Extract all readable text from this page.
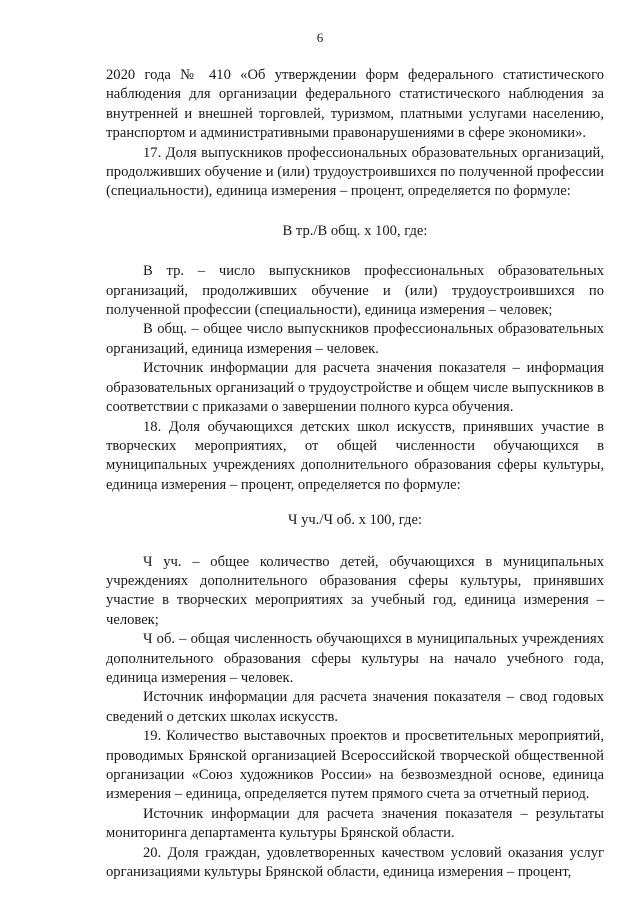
6

2020 года № 410 «Об утверждении форм федерального статистического наблюдения для организации федерального статистического наблюдения за внутренней и внешней торговлей, туризмом, платными услугами населению, транспортом и административными правонарушениями в сфере экономики».

17. Доля выпускников профессиональных образовательных организаций, продолживших обучение и (или) трудоустроившихся по полученной профессии (специальности), единица измерения – процент, определяется по формуле:

В тр./В общ. х 100, где:

В тр. – число выпускников профессиональных образовательных организаций, продолживших обучение и (или) трудоустроившихся по полученной профессии (специальности), единица измерения – человек;

В общ. – общее число выпускников профессиональных образовательных организаций, единица измерения – человек.

Источник информации для расчета значения показателя – информация образовательных организаций о трудоустройстве и общем числе выпускников в соответствии с приказами о завершении полного курса обучения.

18. Доля обучающихся детских школ искусств, принявших участие в творческих мероприятиях, от общей численности обучающихся в муниципальных учреждениях дополнительного образования сферы культуры, единица измерения – процент, определяется по формуле:

Ч уч./Ч об. х 100, где:

Ч уч. – общее количество детей, обучающихся в муниципальных учреждениях дополнительного образования сферы культуры, принявших участие в творческих мероприятиях за учебный год, единица измерения – человек;

Ч об. – общая численность обучающихся в муниципальных учреждениях дополнительного образования сферы культуры на начало учебного года, единица измерения – человек.

Источник информации для расчета значения показателя – свод годовых сведений о детских школах искусств.

19. Количество выставочных проектов и просветительных мероприятий, проводимых Брянской организацией Всероссийской творческой общественной организации «Союз художников России» на безвозмездной основе, единица измерения – единица, определяется путем прямого счета за отчетный период.

Источник информации для расчета значения показателя – результаты мониторинга департамента культуры Брянской области.

20. Доля граждан, удовлетворенных качеством условий оказания услуг организациями культуры Брянской области, единица измерения – процент,
